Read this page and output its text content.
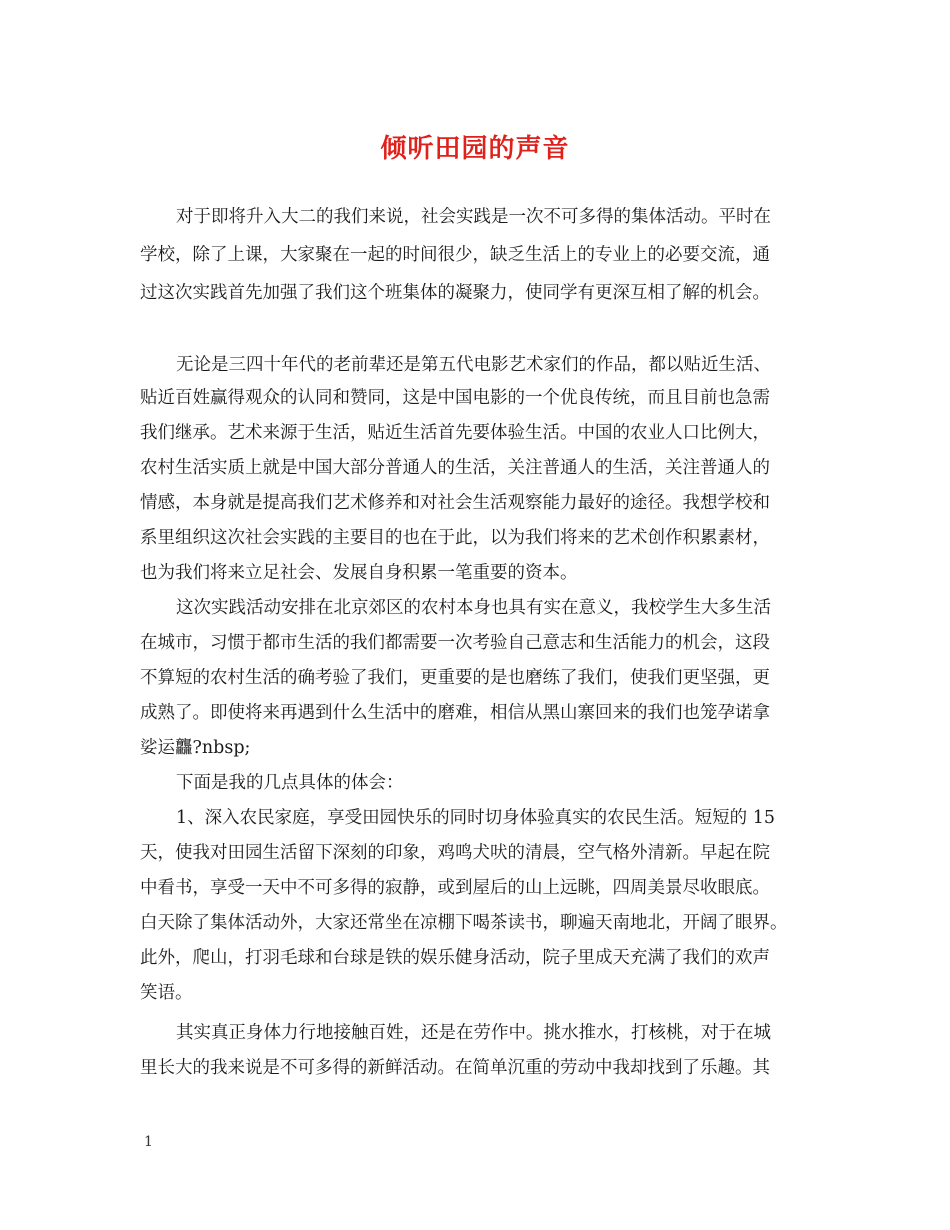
倾听田园的声音
对于即将升入大二的我们来说，社会实践是一次不可多得的集体活动。平时在
学校，除了上课，大家聚在一起的时间很少，缺乏生活上的专业上的必要交流，通
过这次实践首先加强了我们这个班集体的凝聚力，使同学有更深互相了解的机会。
无论是三四十年代的老前辈还是第五代电影艺术家们的作品，都以贴近生活、
贴近百姓赢得观众的认同和赞同，这是中国电影的一个优良传统，而且目前也急需
我们继承。艺术来源于生活，贴近生活首先要体验生活。中国的农业人口比例大，
农村生活实质上就是中国大部分普通人的生活，关注普通人的生活，关注普通人的
情感，本身就是提高我们艺术修养和对社会生活观察能力最好的途径。我想学校和
系里组织这次社会实践的主要目的也在于此，以为我们将来的艺术创作积累素材，
也为我们将来立足社会、发展自身积累一笔重要的资本。
这次实践活动安排在北京郊区的农村本身也具有实在意义，我校学生大多生活
在城市，习惯于都市生活的我们都需要一次考验自己意志和生活能力的机会，这段
不算短的农村生活的确考验了我们，更重要的是也磨练了我们，使我们更坚强，更
成熟了。即使将来再遇到什么生活中的磨难，相信从黑山寨回来的我们也笼孕诺拿
娑运龘?nbsp;
下面是我的几点具体的体会：
1、深入农民家庭，享受田园快乐的同时切身体验真实的农民生活。短短的 15
天，使我对田园生活留下深刻的印象，鸡鸣犬吠的清晨，空气格外清新。早起在院
中看书，享受一天中不可多得的寂静，或到屋后的山上远眺，四周美景尽收眼底。
白天除了集体活动外，大家还常坐在凉棚下喝茶读书，聊遍天南地北，开阔了眼界。
此外，爬山，打羽毛球和台球是铁的娱乐健身活动，院子里成天充满了我们的欢声
笑语。
其实真正身体力行地接触百姓，还是在劳作中。挑水推水，打核桃，对于在城
里长大的我来说是不可多得的新鲜活动。在简单沉重的劳动中我却找到了乐趣。其
1
